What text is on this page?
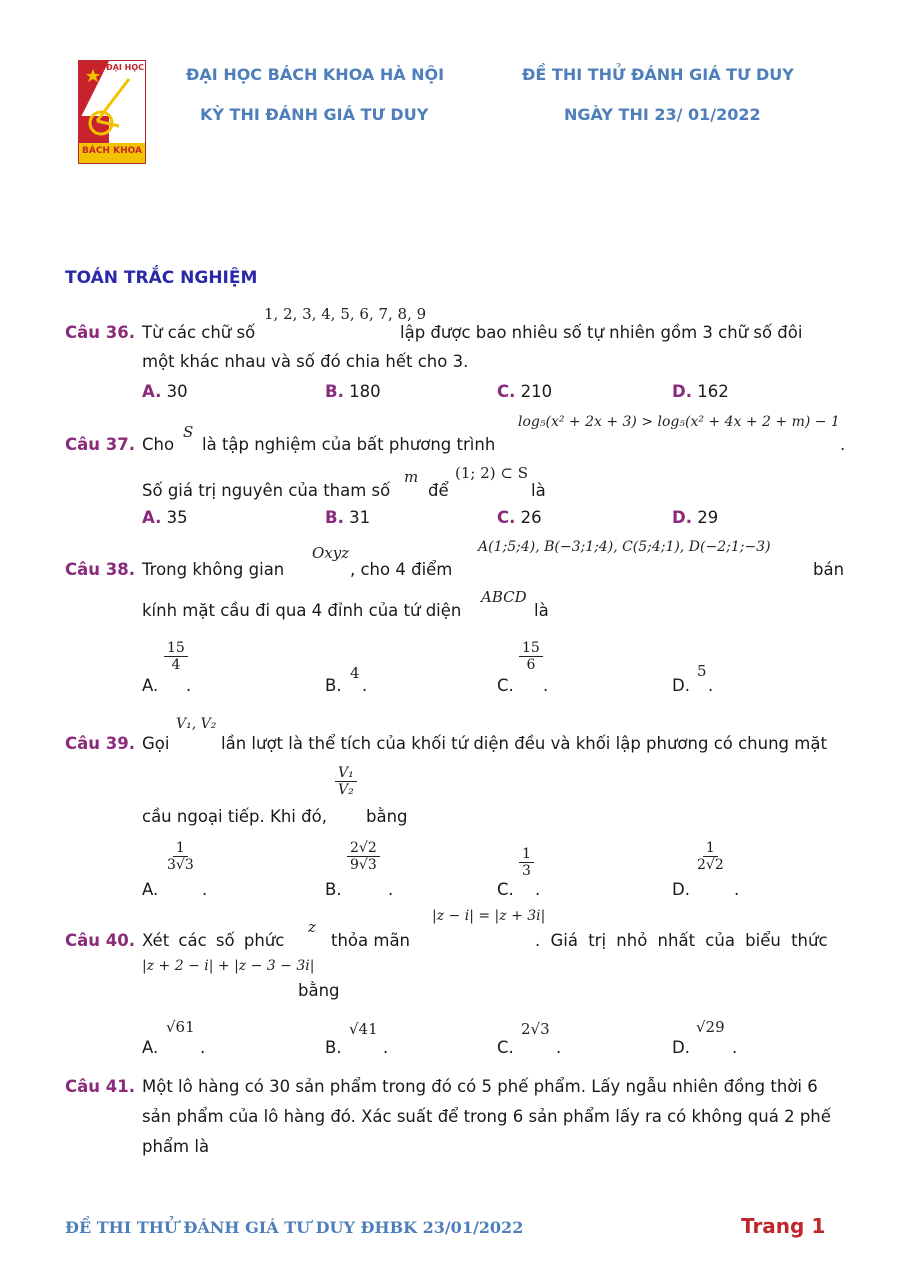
ĐẠI HỌC
BÁCH KHOA
ĐẠI HỌC BÁCH KHOA HÀ NỘI
KỲ THI ĐÁNH GIÁ TƯ DUY
ĐỀ THI THỬ ĐÁNH GIÁ TƯ DUY
NGÀY THI 23/ 01/2022
TOÁN TRẮC NGHIỆM
Câu 36. Từ các chữ số
1, 2, 3, 4, 5, 6, 7, 8, 9
lập được bao nhiêu số tự nhiên gồm 3 chữ số đôi
một khác nhau và số đó chia hết cho 3.
A. 30	B. 180	C. 210	D. 162
Câu 37. Cho
S
là tập nghiệm của bất phương trình
log₅(x² + 2x + 3) > log₅(x² + 4x + 2 + m) − 1
.
Số giá trị nguyên của tham số
m
để
(1; 2) ⊂ S
là
A. 35	B. 31	C. 26	D. 29
Câu 38. Trong không gian
Oxyz
, cho 4 điểm
A(1;5;4), B(−3;1;4), C(5;4;1), D(−2;1;−3)
bán
kính mặt cầu đi qua 4 đỉnh của tứ diện
ABCD
là
A.
$\frac{15}{4}$
.	B.
4
.	C.
$\frac{15}{6}$
.	D.
5
.
Câu 39. Gọi
V₁, V₂
lần lượt là thể tích của khối tứ diện đều và khối lập phương có chung mặt
cầu ngoại tiếp. Khi đó,
$\frac{\text{V₁}}{\text{V₂}}$
bằng
A.
$\frac{1}{3√3}$
.	B.
$\frac{2√2}{9√3}$
.	C.
$\frac{1}{3}$
.	D.
$\frac{1}{2√2}$
.
Câu 40. Xét các số phức
z
thỏa mãn
|z − i| = |z + 3i|
. Giá trị nhỏ nhất của biểu thức
|z + 2 − i| + |z − 3 − 3i|
bằng
A.
√61
.	B.
√41
.	C.
2√3
.	D.
√29
.
Câu 41. Một lô hàng có 30 sản phẩm trong đó có 5 phế phẩm. Lấy ngẫu nhiên đồng thời 6
sản phẩm của lô hàng đó. Xác suất để trong 6 sản phẩm lấy ra có không quá 2 phế
phẩm là
ĐỀ THI THỬ ĐÁNH GIÁ TƯ DUY ĐHBK 23/01/2022	Trang 1
